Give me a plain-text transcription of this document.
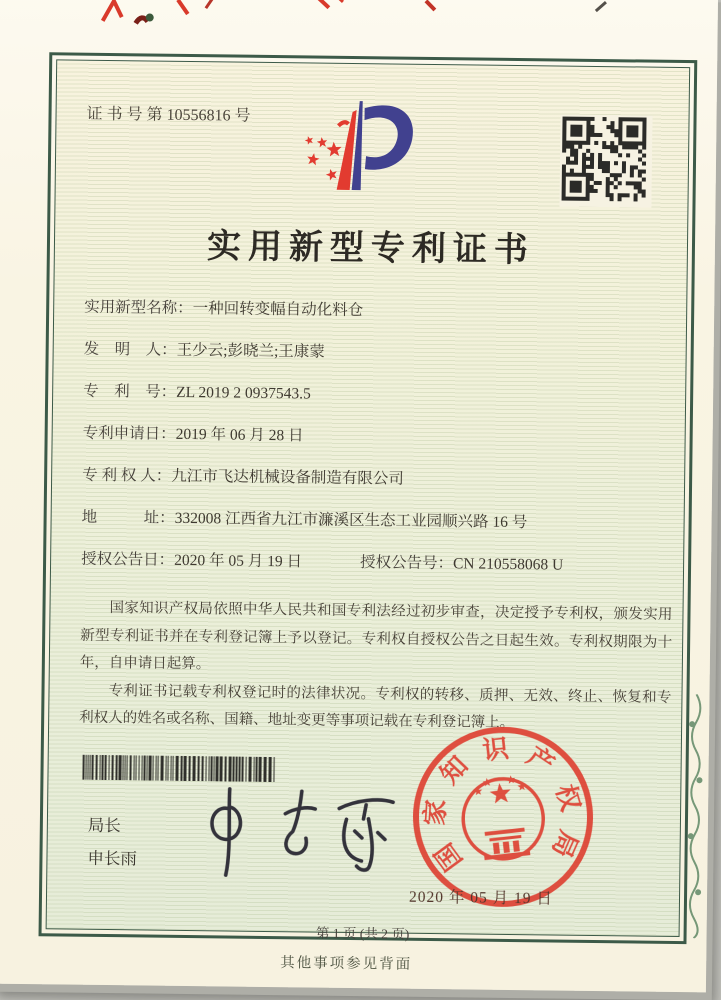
证 书 号 第 10556816 号
实用新型专利证书
实用新型名称：一种回转变幅自动化料仓
发　明　人：王少云;彭晓兰;王康蒙
专　利　号：ZL 2019 2 0937543.5
专利申请日：2019 年 06 月 28 日
专 利 权 人：九江市飞达机械设备制造有限公司
地　　　址：332008 江西省九江市濂溪区生态工业园顺兴路 16 号
授权公告日：2020 年 05 月 19 日	授权公告号：CN 210558068 U

国家知识产权局依照中华人民共和国专利法经过初步审查，决定授予专利权，颁发实用新型专利证书并在专利登记簿上予以登记。专利权自授权公告之日起生效。专利权期限为十年，自申请日起算。

专利证书记载专利权登记时的法律状况。专利权的转移、质押、无效、终止、恢复和专利权人的姓名或名称、国籍、地址变更等事项记载在专利登记簿上。

局长
申长雨	国
家
知
识 产
权
局
2020 年 05 月 19 日
第 1 页 (共 2 页)
其他事项参见背面
